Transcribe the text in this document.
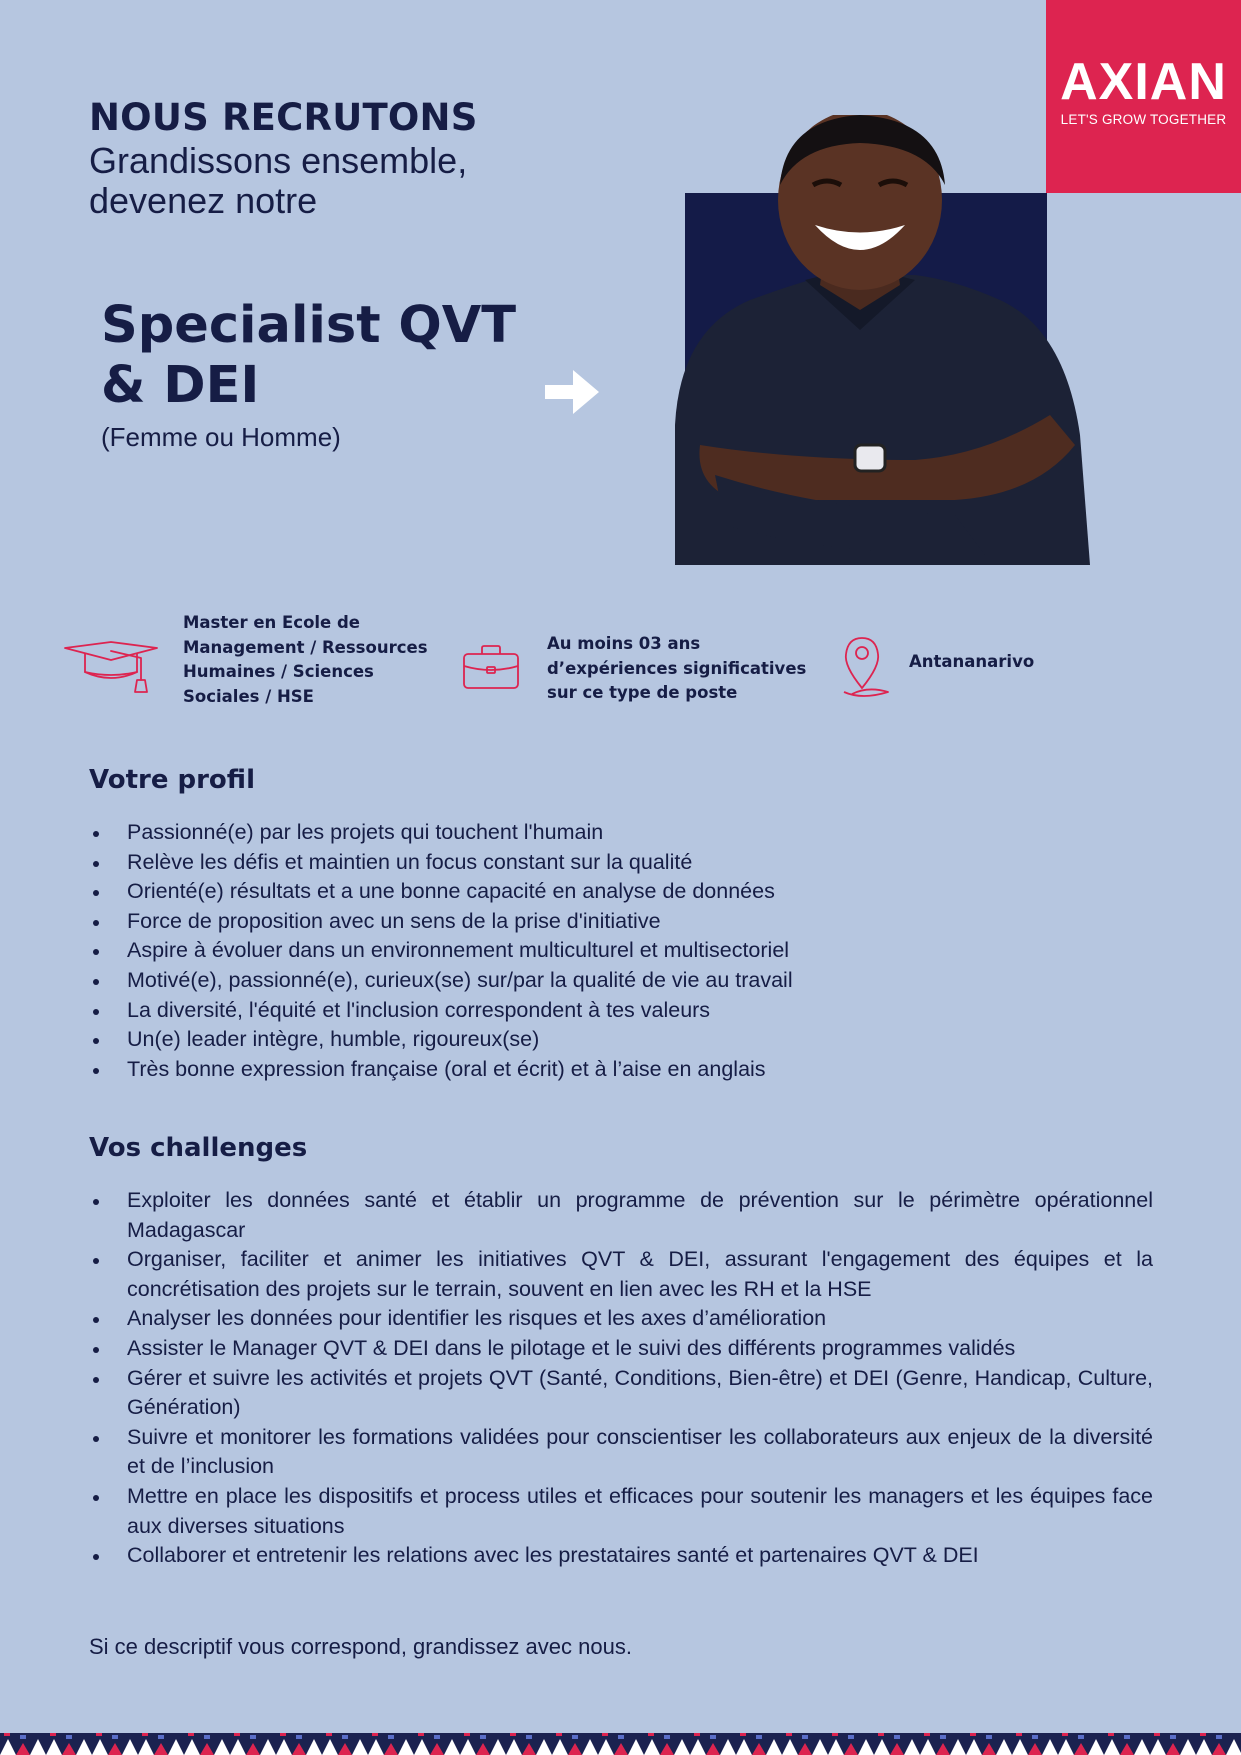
AXIAN
LET'S GROW TOGETHER
NOUS RECRUTONS
Grandissons ensemble,
devenez notre
Specialist QVT
& DEI
(Femme ou Homme)
Master en Ecole de
Management / Ressources
Humaines / Sciences
Sociales / HSE
Au moins 03 ans
d’expériences significatives
sur ce type de poste
Antananarivo
Votre profil
Passionné(e) par les projets qui touchent l'humain
Relève les défis et maintien un focus constant sur la qualité
Orienté(e) résultats et a une bonne capacité en analyse de données
Force de proposition avec un sens de la prise d'initiative
Aspire à évoluer dans un environnement multiculturel et multisectoriel
Motivé(e), passionné(e), curieux(se) sur/par la qualité de vie au travail
La diversité, l'équité et l'inclusion correspondent à tes valeurs
Un(e) leader intègre, humble, rigoureux(se)
Très bonne expression française (oral et écrit) et à l’aise en anglais
Vos challenges
Exploiter les données santé et établir un programme de prévention sur le périmètre opérationnel Madagascar
Organiser, faciliter et animer les initiatives QVT & DEI, assurant l'engagement des équipes et la concrétisation des projets sur le terrain, souvent en lien avec les RH et la HSE
Analyser les données pour identifier les risques et les axes d’amélioration
Assister le Manager QVT & DEI dans le pilotage et le suivi des différents programmes validés
Gérer et suivre les activités et projets QVT (Santé, Conditions, Bien-être) et DEI (Genre, Handicap, Culture, Génération)
Suivre et monitorer les formations validées pour conscientiser les collaborateurs aux enjeux de la diversité et de l’inclusion
Mettre en place les dispositifs et process utiles et efficaces pour soutenir les managers et les équipes face aux diverses situations
Collaborer et entretenir les relations avec les prestataires santé et partenaires QVT & DEI
Si ce descriptif vous correspond, grandissez avec nous.
